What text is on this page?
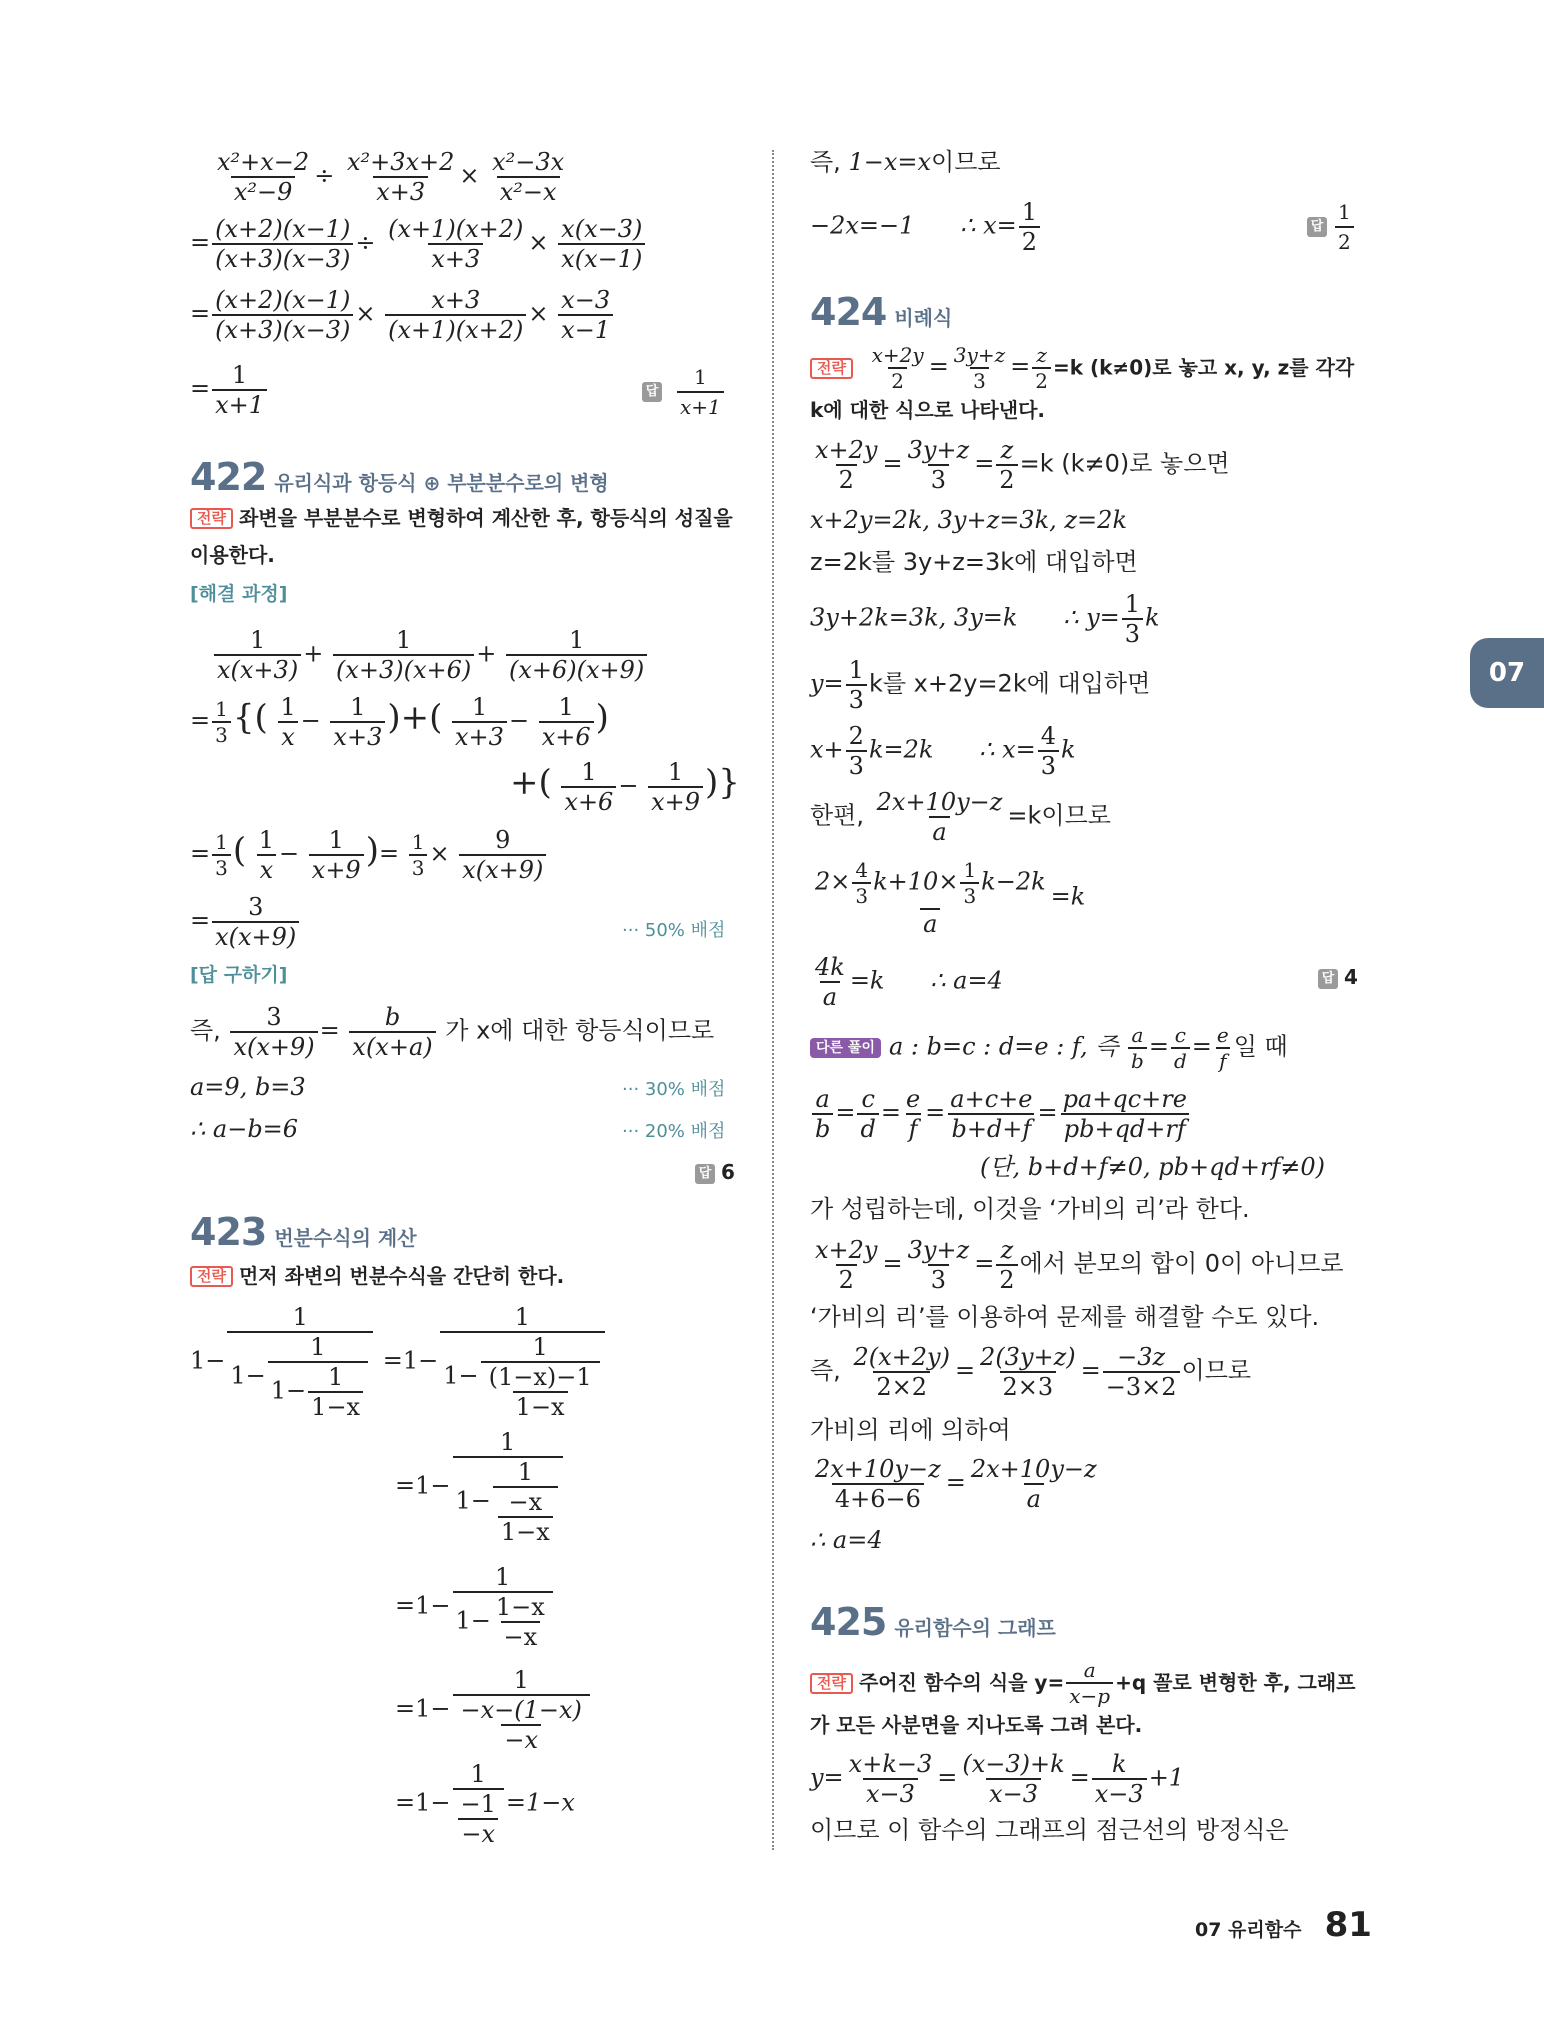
$\frac{\text{x²+x−2}}{\text{x²−9}} \div \frac{\text{x²+3x+2}}{x+3} \times \frac{\text{x²−3x}}{\text{x²−x}}$
= $\frac{(x+2)(x-1)}{(x+3)(x-3)} \div \frac{(x+1)(x+2)}{x+3} \times \frac{x(x-3)}{x(x-1)}$
= $\frac{(x+2)(x-1)}{(x+3)(x-3)} \times \frac{x+3}{(x+1)(x+2)} \times \frac{x-3}{x-1}$
= $\frac{1}{x+1}$	답 $\frac{1}{x+1}$
422 유리식과 항등식 ⊕ 부분분수로의 변형
전략 좌변을 부분분수로 변형하여 계산한 후, 항등식의 성질을
이용한다.
[해결 과정]
$\frac{1}{x(x+3)} + \frac{1}{(x+3)(x+6)} + \frac{1}{(x+6)(x+9)}$
= $\frac{1}{3}$ {( $\frac{1}{x} - \frac{1}{x+3}$ )+( $\frac{1}{x+3} - \frac{1}{x+6}$ )
+( $\frac{1}{x+6} - \frac{1}{x+9}$ )}
= $\frac{1}{3}$ ( $\frac{1}{x} - \frac{1}{x+9}$ )= $\frac{1}{3} \times \frac{9}{x(x+9)}$
= $\frac{3}{x(x+9)}$	··· 50% 배점
[답 구하기]
즉, $\frac{3}{x(x+9)} = \frac{b}{x(x+a)}$ 가 x에 대한 항등식이므로
a=9, b=3	··· 30% 배점
∴ a−b=6	··· 20% 배점
답 6
423 번분수식의 계산
전략 먼저 좌변의 번분수식을 간단히 한다.
$1- \frac{1}{1- \frac{1}{1- \frac{1}{1-x}}} =1- \frac{1}{1- \frac{1}{\frac{(1-x)-1}{1-x}}}$
$=1- \frac{1}{1- \frac{1}{\frac{-x}{1-x}}}$
$=1- \frac{1}{1- \frac{1-x}{-x}}$
$=1- \frac{1}{\frac{-x-(1-x)}{-x}}$
$=1- \frac{1}{\frac{-1}{-x}} =1-x$
즉, 1−x=x이므로
−2x=−1      ∴ $x= \frac{1}{2}$	답 $\frac{1}{2}$
424 비례식
전략 $\frac{x+2y}{2} = \frac{3y+z}{3} = \frac{z}{2} =k$ (k≠0)로 놓고 x, y, z를 각각
k에 대한 식으로 나타낸다.
$\frac{x+2y}{2} = \frac{3y+z}{3} = \frac{z}{2} =k$ (k≠0)로 놓으면
x+2y=2k, 3y+z=3k, z=2k
z=2k를 3y+z=3k에 대입하면
3y+2k=3k, 3y=k      ∴ $y= \frac{1}{3}$ k
$y= \frac{1}{3}$ k를 x+2y=2k에 대입하면
$x+ \frac{2}{3} k=2k$      ∴ $x= \frac{4}{3}$ k
한편, $\frac{2x+10y-z}{a} =k$이므로
$\frac{2\times \frac{4}{3} k+10\times \frac{1}{3} k-2k}{a} =k$
$\frac{4k}{a} =k$      ∴ a=4	답 4
다른 풀이 a : b=c : d=e : f, 즉 $\frac{a}{b} = \frac{c}{d} = \frac{e}{f}$ 일 때
$\frac{a}{b} = \frac{c}{d} = \frac{e}{f} = \frac{a+c+e}{b+d+f} = \frac{pa+qc+re}{pb+qd+rf}$
(단, b+d+f≠0, pb+qd+rf≠0)
가 성립하는데, 이것을 ‘가비의 리’라 한다.
$\frac{x+2y}{2} = \frac{3y+z}{3} = \frac{z}{2}$ 에서 분모의 합이 0이 아니므로
‘가비의 리’를 이용하여 문제를 해결할 수도 있다.
즉, $\frac{2(x+2y)}{2\times 2} = \frac{2(3y+z)}{2\times 3} = \frac{-3z}{-3\times 2}$ 이므로
가비의 리에 의하여
$\frac{2x+10y-z}{4+6-6} = \frac{2x+10y-z}{a}$
∴ a=4
425 유리함수의 그래프
전략 주어진 함수의 식을 $y= \frac{a}{x-p} +q$ 꼴로 변형한 후, 그래프
가 모든 사분면을 지나도록 그려 본다.
$y= \frac{x+k-3}{x-3} = \frac{(x-3)+k}{x-3} = \frac{k}{x-3} +1$
이므로 이 함수의 그래프의 점근선의 방정식은
07
07 유리함수 81
